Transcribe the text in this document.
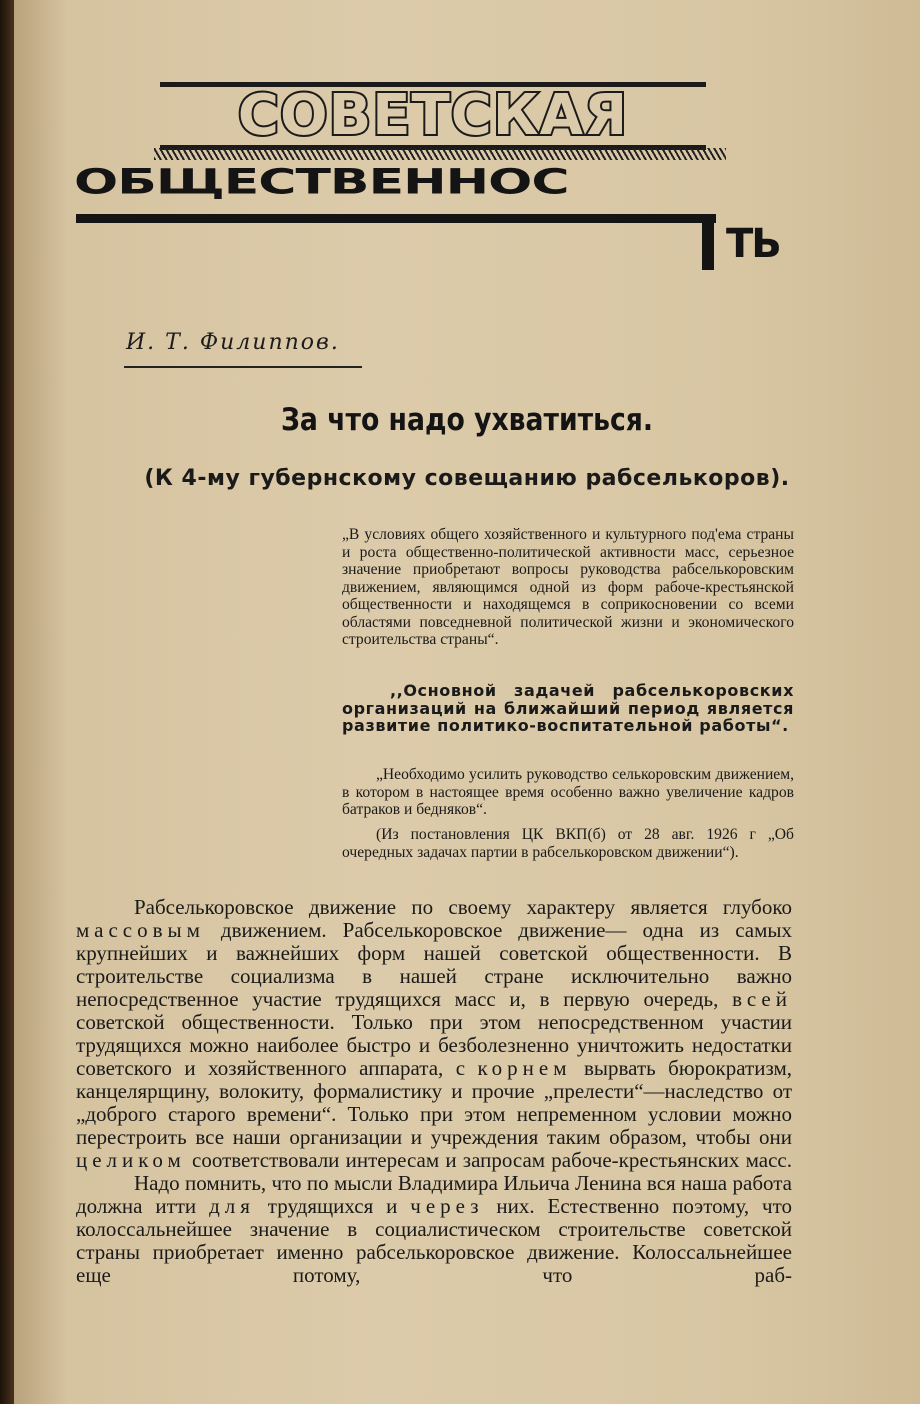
СОВЕТСКАЯ
ОБЩЕСТВЕННОС
ТЬ
И. Т. Филиппов.
За что надо ухватиться.
(К 4-му губернскому совещанию рабселькоров).
„В условиях общего хозяйственного и культурного под'ема страны и роста общественно-политической активности масс, серьезное значение приобретают вопросы руководства рабселькоровским движением, являющимся одной из форм рабоче-крестьянской общественности и находящемся в соприкосновении со всеми областями повседневной политической жизни и экономического строительства страны“.
,,Основной задачей рабселькоровских организаций на ближайший период является развитие политико-воспитательной работы“.
„Необходимо усилить руководство селькоровским движением, в котором в настоящее время особенно важно увеличение кадров батраков и бедняков“.
(Из постановления ЦК ВКП(б) от 28 авг. 1926 г „Об очередных задачах партии в рабселькоровском движении“).

Рабселькоровское движение по своему характеру является глубоко массовым движением. Рабселькоровское движение— одна из самых крупнейших и важнейших форм нашей советской общественности. В строительстве социализма в нашей стране исключительно важно непосредственное участие трудящихся масс и, в первую очередь, всей советской общественности. Только при этом непосредственном участии трудящихся можно наиболее быстро и безболезненно уничтожить недостатки советского и хозяйственного аппарата, с корнем вырвать бюрократизм, канцелярщину, волокиту, формалистику и прочие „прелести“—наследство от „доброго старого времени“. Только при этом непременном условии можно перестроить все наши организации и учреждения таким образом, чтобы они целиком соответствовали интересам и запросам рабоче-крестьянских масс.

Надо помнить, что по мысли Владимира Ильича Ленина вся наша работа должна итти для трудящихся и через них. Естественно поэтому, что колоссальнейшее значение в социалистическом строительстве советской страны приобретает именно рабселькоровское движение. Колоссальнейшее еще потому, что раб-
